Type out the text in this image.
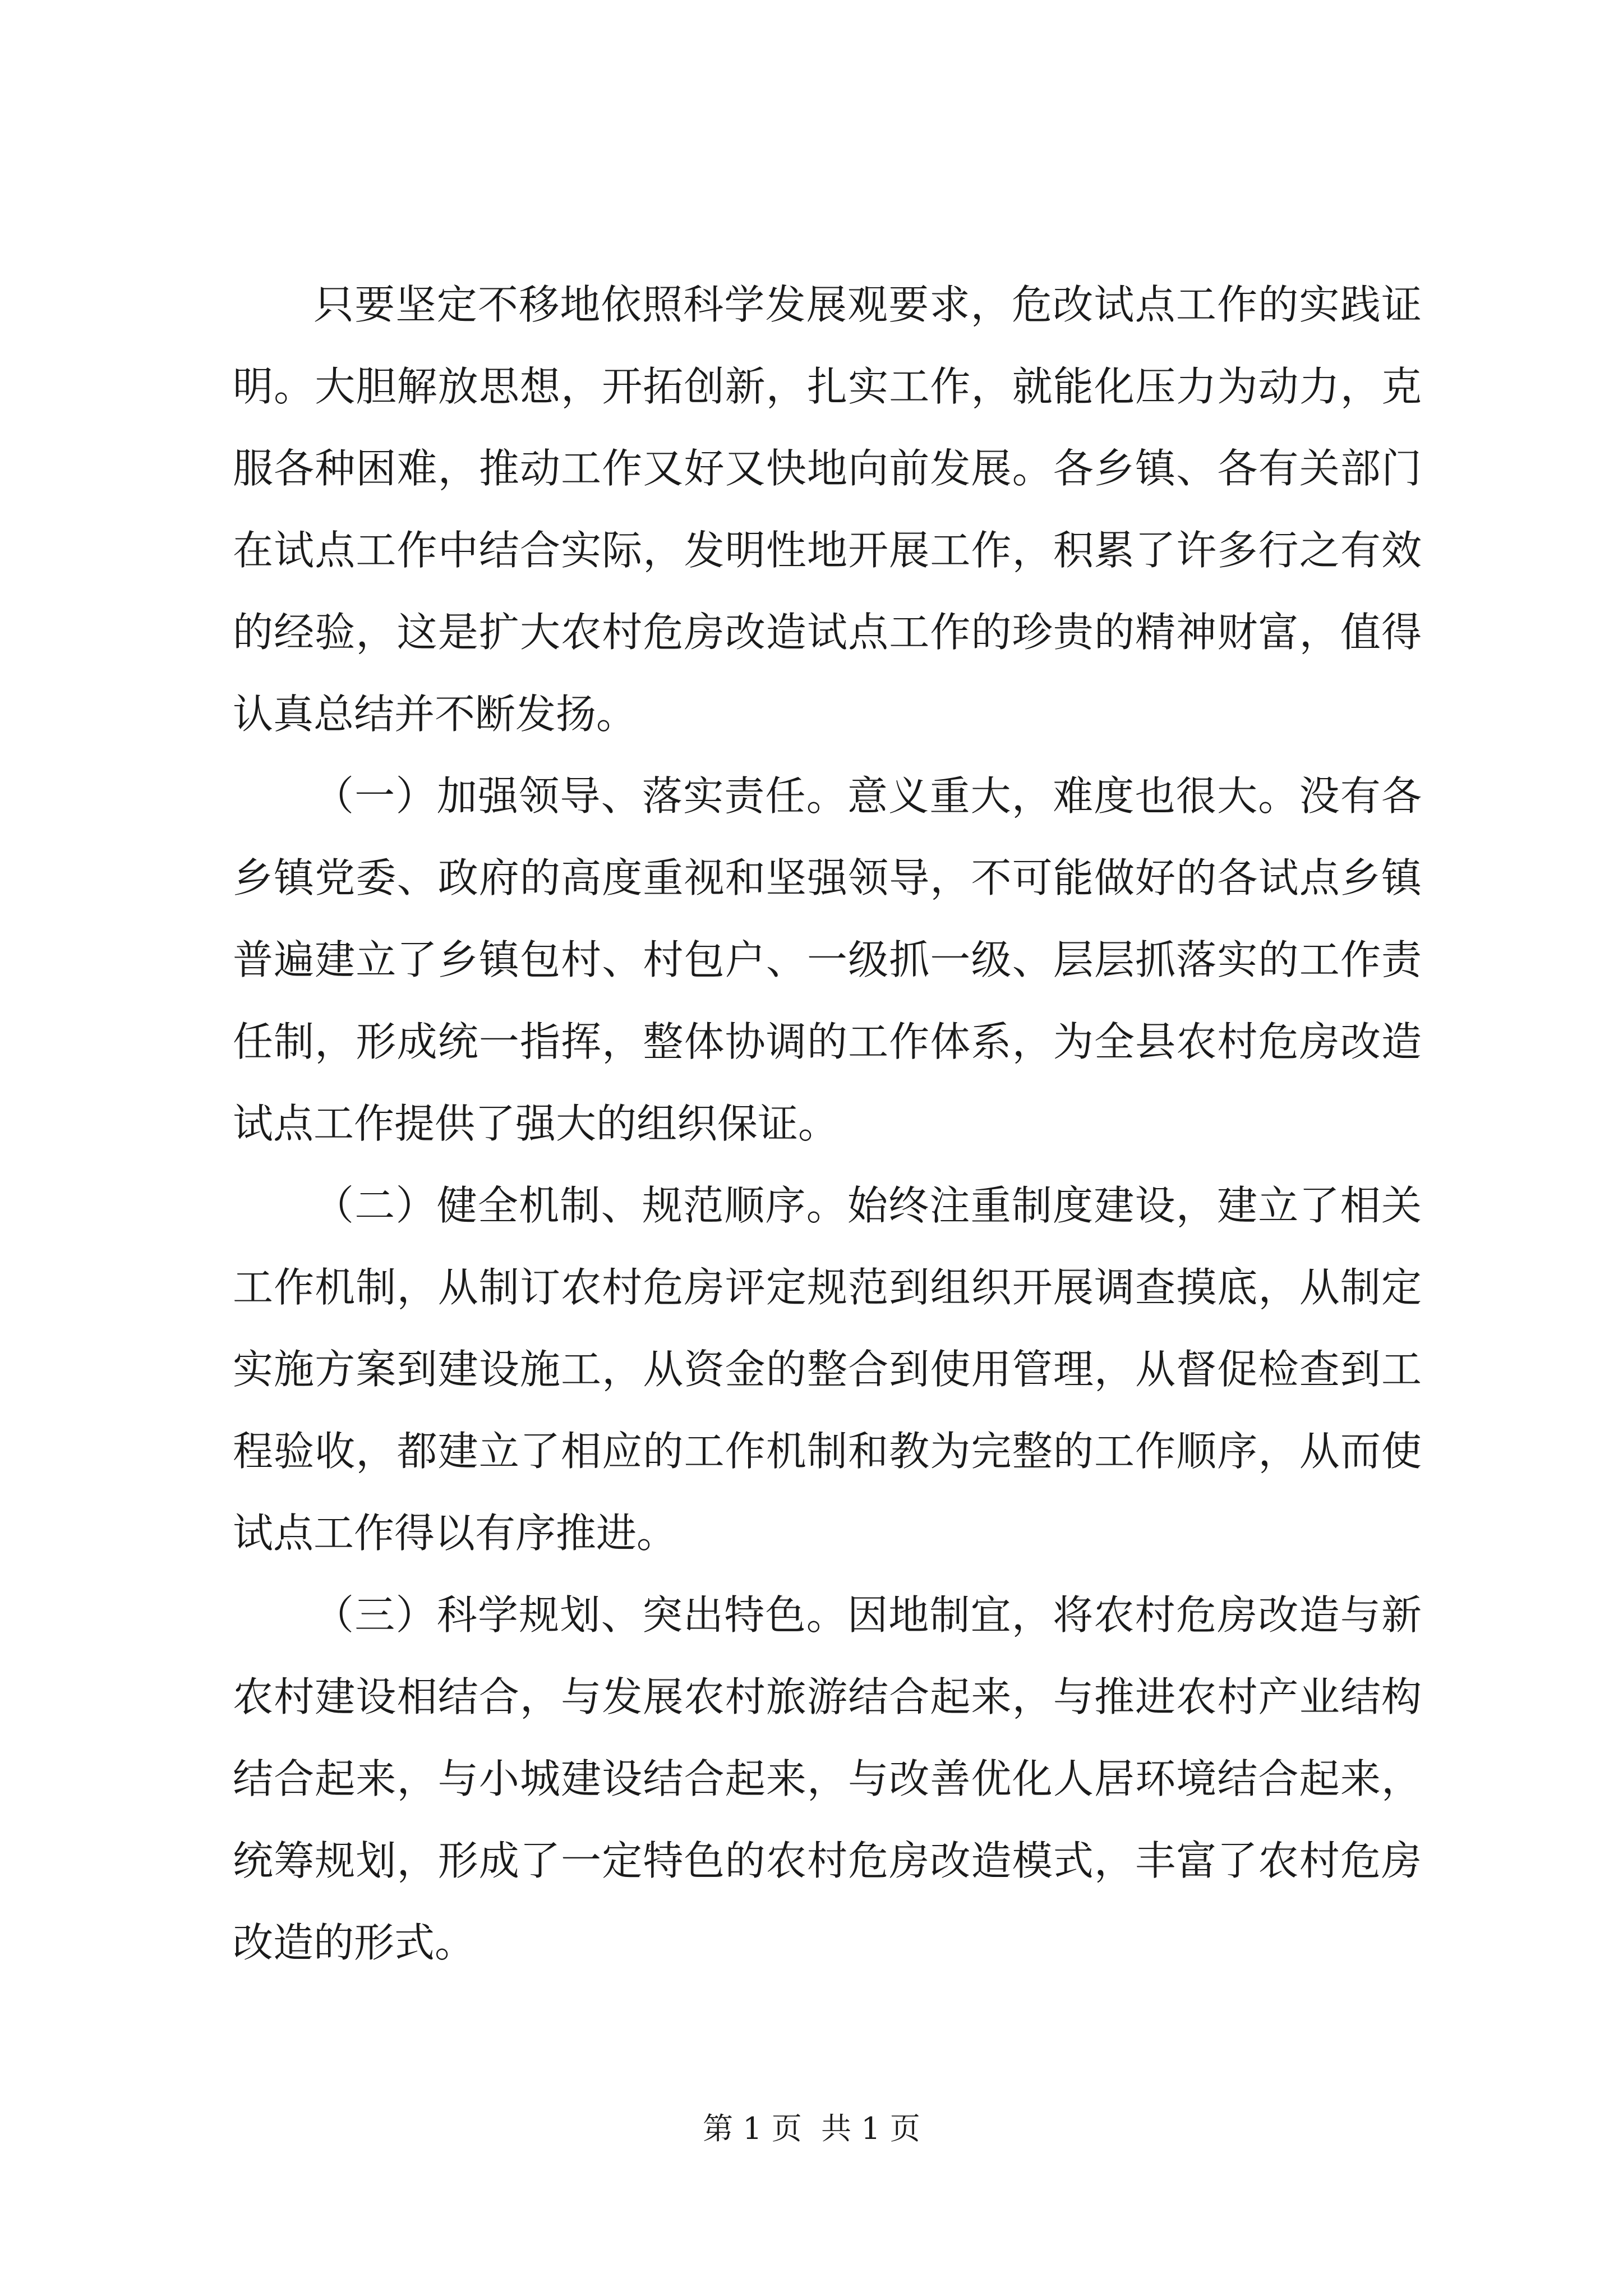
只要坚定不移地依照科学发展观要求，危改试点工作的实践证明。大胆解放思想，开拓创新，扎实工作，就能化压力为动力，克服各种困难，推动工作又好又快地向前发展。各乡镇、各有关部门在试点工作中结合实际，发明性地开展工作，积累了许多行之有效的经验，这是扩大农村危房改造试点工作的珍贵的精神财富，值得认真总结并不断发扬。

（一）加强领导、落实责任。意义重大，难度也很大。没有各乡镇党委、政府的高度重视和坚强领导，不可能做好的各试点乡镇普遍建立了乡镇包村、村包户、一级抓一级、层层抓落实的工作责任制，形成统一指挥，整体协调的工作体系，为全县农村危房改造试点工作提供了强大的组织保证。

（二）健全机制、规范顺序。始终注重制度建设，建立了相关工作机制，从制订农村危房评定规范到组织开展调查摸底，从制定实施方案到建设施工，从资金的整合到使用管理，从督促检查到工程验收，都建立了相应的工作机制和教为完整的工作顺序，从而使试点工作得以有序推进。

（三）科学规划、突出特色。因地制宜，将农村危房改造与新农村建设相结合，与发展农村旅游结合起来，与推进农村产业结构结合起来，与小城建设结合起来，与改善优化人居环境结合起来，统筹规划，形成了一定特色的农村危房改造模式，丰富了农村危房改造的形式。

第 1 页  共 1 页
